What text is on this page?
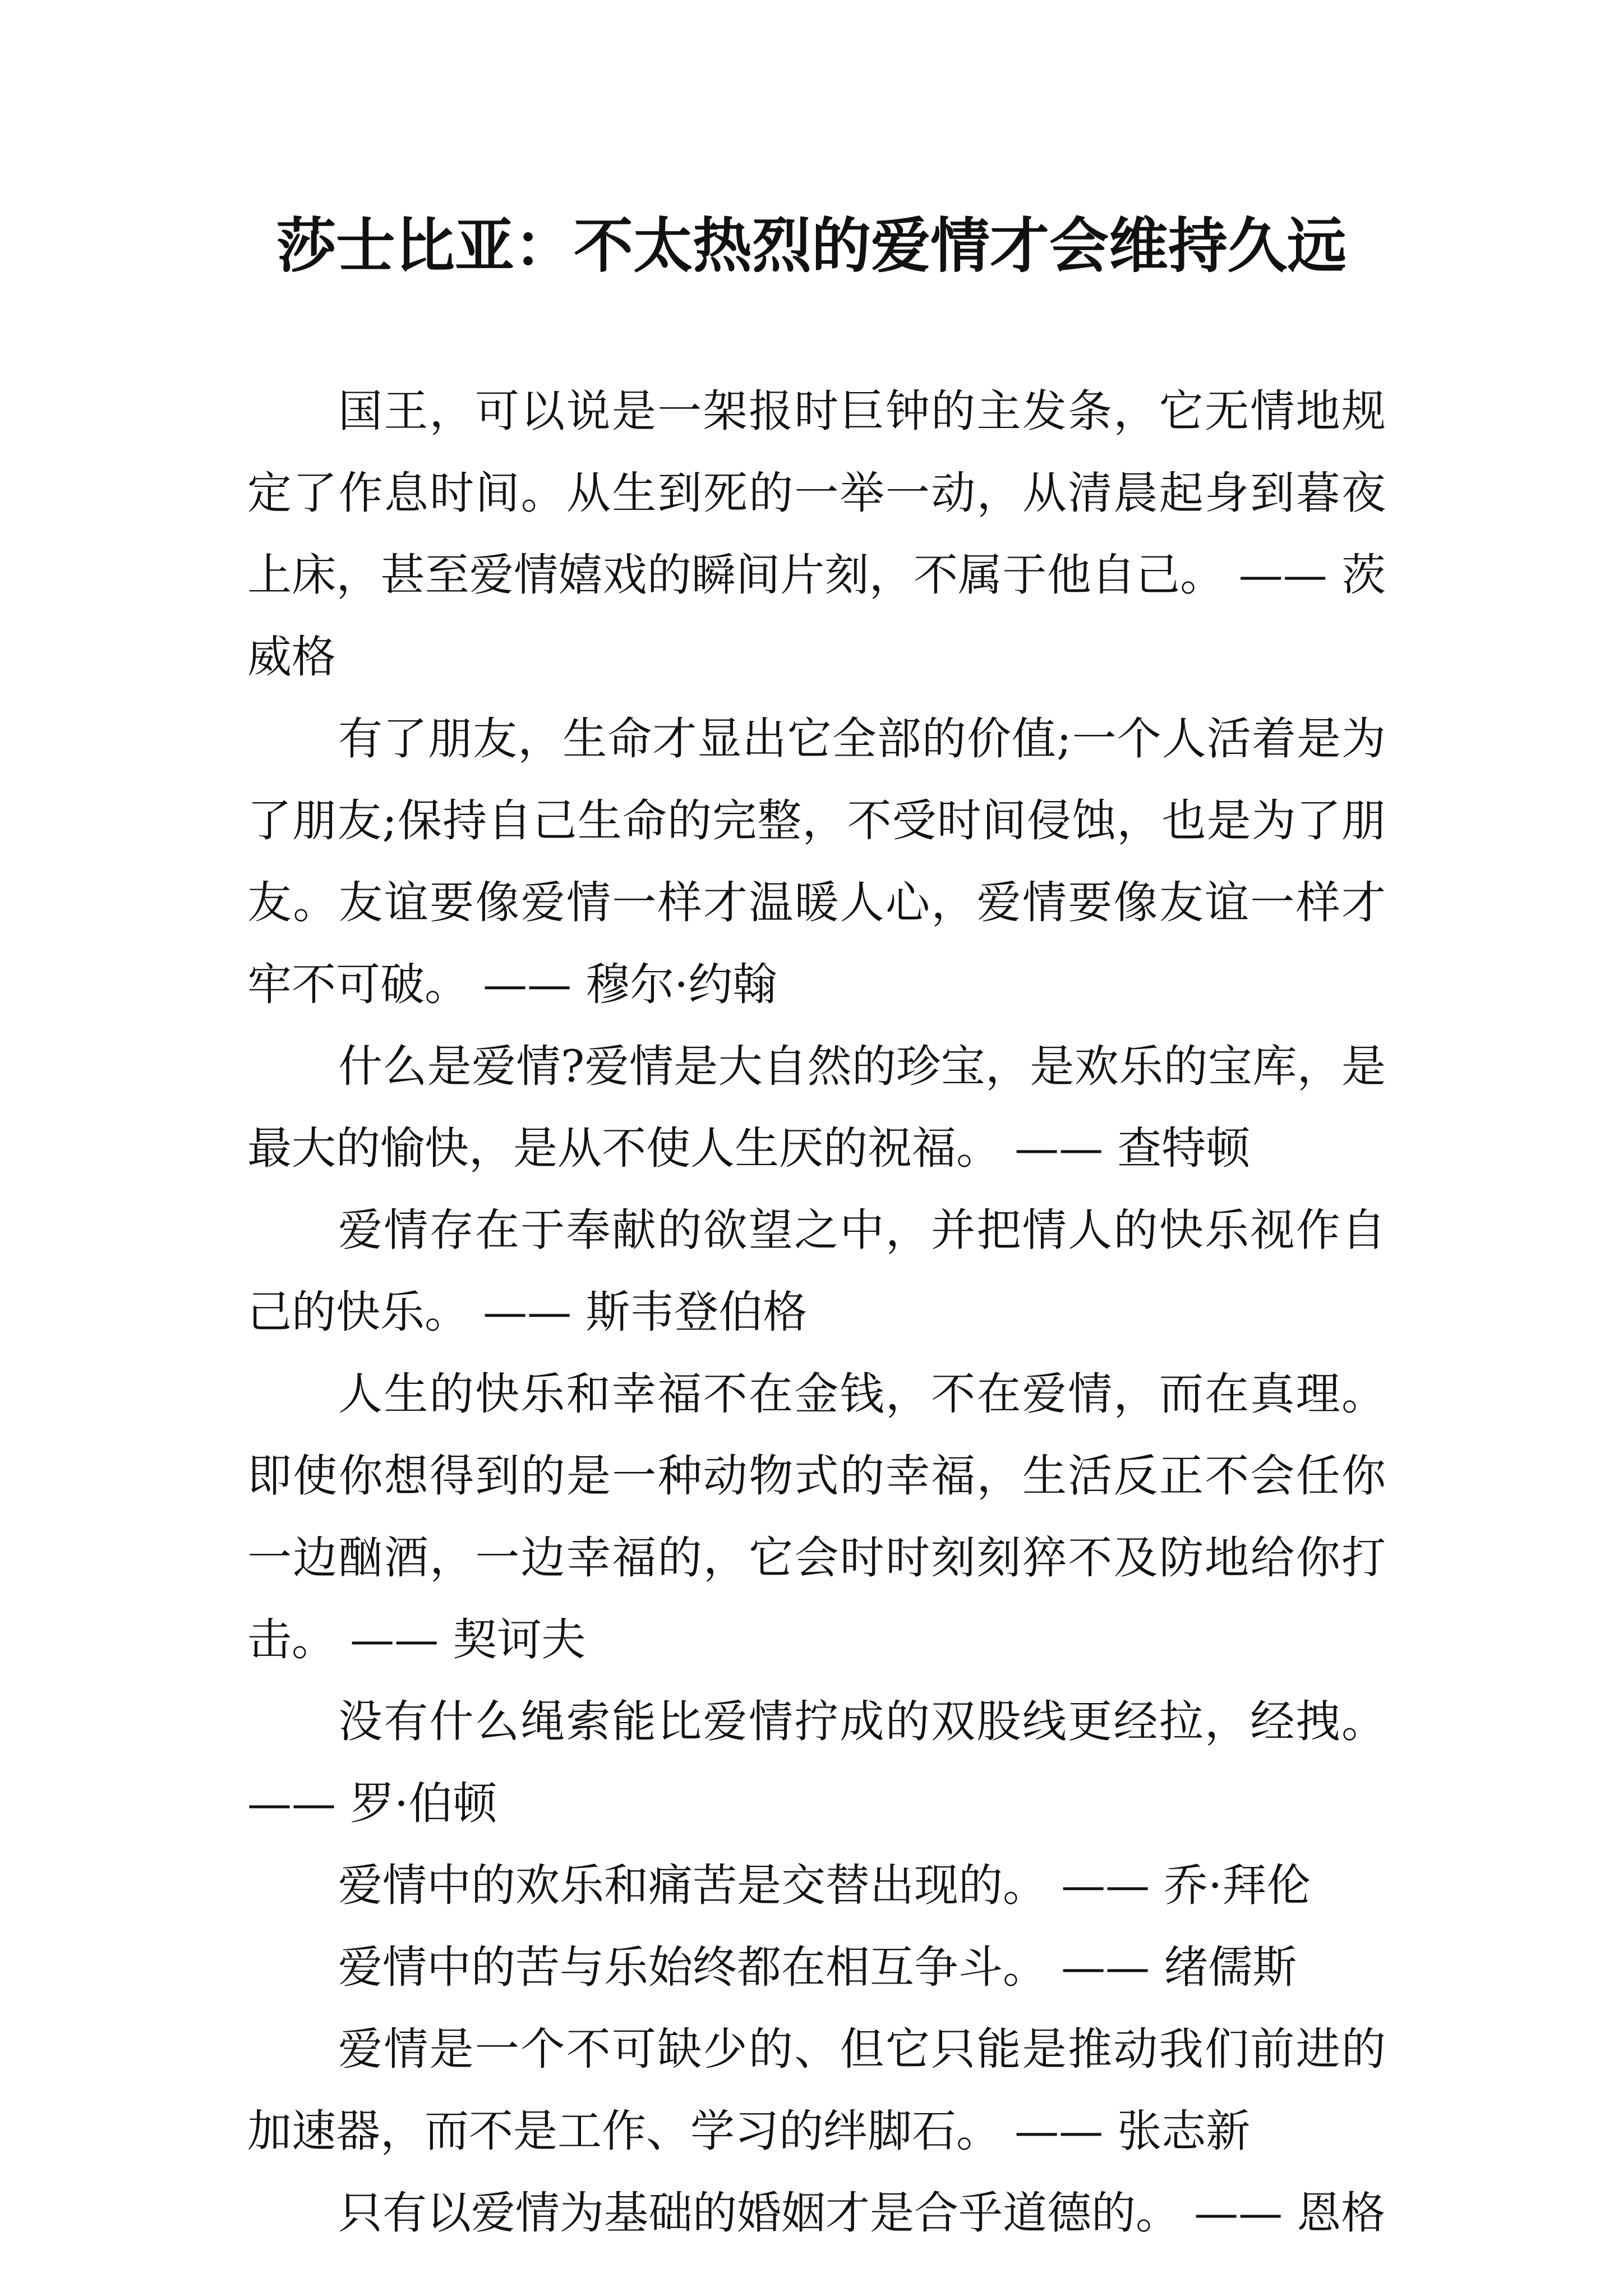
莎士比亚：不太热烈的爱情才会维持久远

国王，可以说是一架报时巨钟的主发条，它无情地规定了作息时间。从生到死的一举一动，从清晨起身到暮夜上床，甚至爱情嬉戏的瞬间片刻，不属于他自己。 —— 茨威格

有了朋友，生命才显出它全部的价值;一个人活着是为了朋友;保持自己生命的完整，不受时间侵蚀，也是为了朋友。友谊要像爱情一样才温暖人心，爱情要像友谊一样才牢不可破。 —— 穆尔·约翰

什么是爱情?爱情是大自然的珍宝，是欢乐的宝库，是最大的愉快，是从不使人生厌的祝福。 —— 查特顿

爱情存在于奉献的欲望之中，并把情人的快乐视作自己的快乐。 —— 斯韦登伯格

人生的快乐和幸福不在金钱，不在爱情，而在真理。即使你想得到的是一种动物式的幸福，生活反正不会任你一边酗酒，一边幸福的，它会时时刻刻猝不及防地给你打击。 —— 契诃夫

没有什么绳索能比爱情拧成的双股线更经拉，经拽。 —— 罗·伯顿

爱情中的欢乐和痛苦是交替出现的。 —— 乔·拜伦

爱情中的苦与乐始终都在相互争斗。 —— 绪儒斯

爱情是一个不可缺少的、但它只能是推动我们前进的加速器，而不是工作、学习的绊脚石。 —— 张志新

只有以爱情为基础的婚姻才是合乎道德的。 —— 恩格
